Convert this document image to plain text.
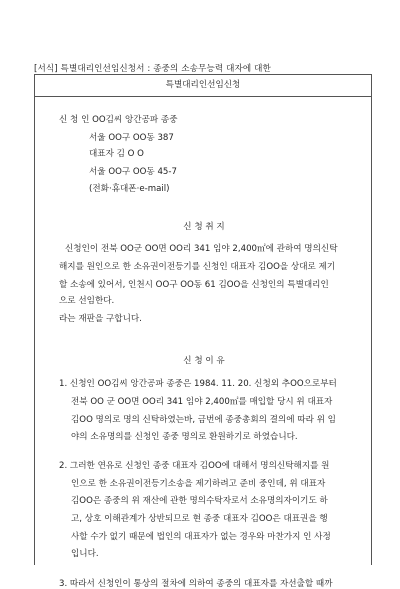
[서식] 특별대리인선임신청서 : 종중의 소송무능력 대자에 대한
특별대리인선임신청
신 청 인 OO김씨 앙간공파 종중
서울 OO구 OO동 387
대표자 김 O O
서울 OO구 OO동 45-7
(전화·휴대폰·e-mail)
신 청 취 지
신청인이 전북 OO군 OO면 OO리 341 임야 2,400㎡에 관하여 명의신탁
해지를 원인으로 한 소유권이전등기를 신청인 대표자 김OO을 상대로 제기
할 소송에 있어서, 인천시 OO구 OO동 61 김OO을 신청인의 특별대리인
으로 선임한다.
라는 재판을 구합니다.
신 청 이 유
1. 신청인 OO김씨 앙간공파 종중은 1984. 11. 20. 신청외 추OO으로부터
전북 OO 군 OO면 OO리 341 임야 2,400㎡를 매입할 당시 위 대표자
김OO 명의로 명의 신탁하였는바, 금번에 종중총회의 결의에 따라 위 임
야의 소유명의를 신청인 종중 명의로 환원하기로 하였습니다.
2. 그러한 연유로 신청인 종중 대표자 김OO에 대해서 명의신탁해지를 원
인으로 한 소유권이전등기소송을 제기하려고 준비 중인데, 위 대표자
김OO은 종중의 위 재산에 관한 명의수탁자로서 소유명의자이기도 하
고, 상호 이해관계가 상반되므로 현 종중 대표자 김OO은 대표권을 행
사할 수가 없기 때문에 법인의 대표자가 없는 경우와 마찬가지 인 사정
입니다.
3. 따라서 신청인이 통상의 절차에 의하여 종중의 대표자를 자선출할 때까
